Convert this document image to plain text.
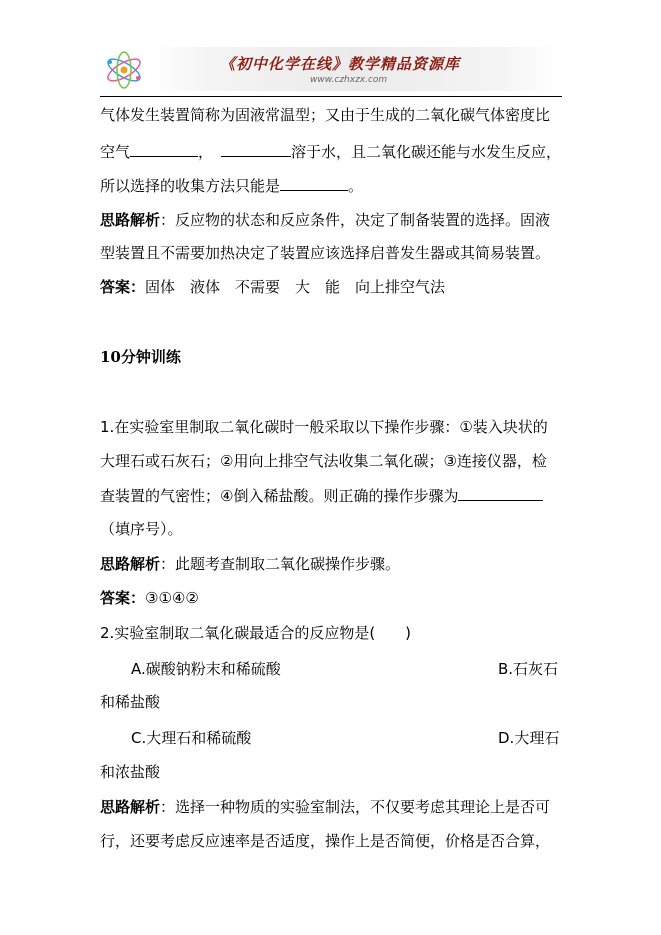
《初中化学在线》教学精品资源库
www.czhxzx.com
气体发生装置简称为固液常温型；又由于生成的二氧化碳气体密度比
空气	，	溶于水，且二氧化碳还能与水发生反应，
所以选择的收集方法只能是	。
思路解析：反应物的状态和反应条件，决定了制备装置的选择。固液
型装置且不需要加热决定了装置应该选择启普发生器或其简易装置。
答案：固体　液体　不需要　大　能　向上排空气法
10分钟训练
1.在实验室里制取二氧化碳时一般采取以下操作步骤：①装入块状的
大理石或石灰石；②用向上排空气法收集二氧化碳；③连接仪器，检
查装置的气密性；④倒入稀盐酸。则正确的操作步骤为
（填序号）。
思路解析：此题考查制取二氧化碳操作步骤。
答案：③①④②
2.实验室制取二氧化碳最适合的反应物是(　　)
A.碳酸钠粉末和稀硫酸	B.石灰石
和稀盐酸
C.大理石和稀硫酸	D.大理石
和浓盐酸
思路解析：选择一种物质的实验室制法，不仅要考虑其理论上是否可
行，还要考虑反应速率是否适度，操作上是否简便，价格是否合算，
